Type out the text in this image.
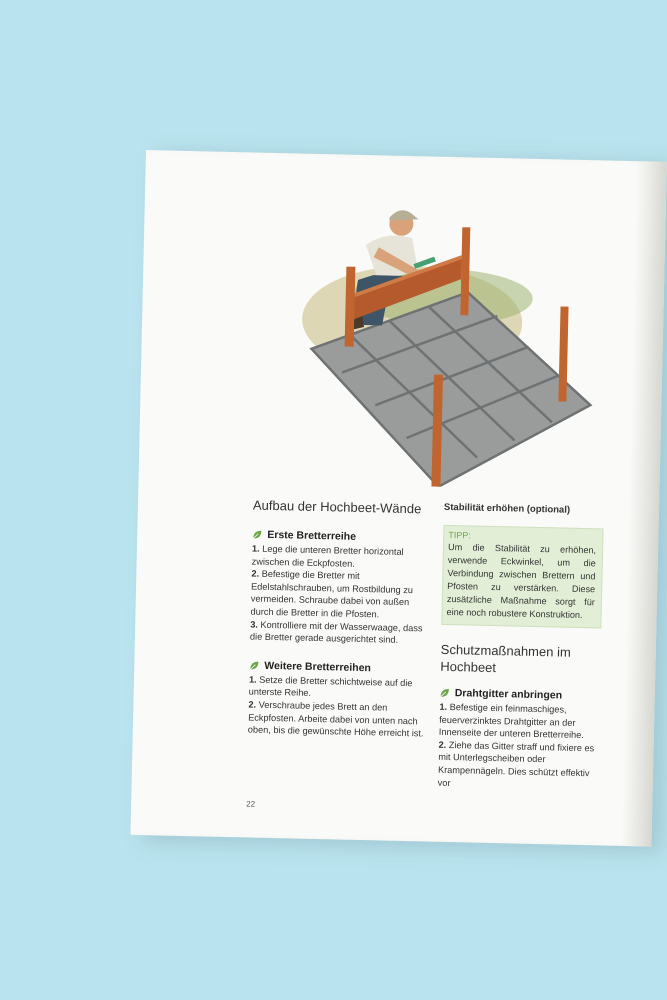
Aufbau der Hochbeet-Wände
Erste Bretterreihe

1. Lege die unteren Bretter horizontal zwischen die Eckpfosten.

2. Befestige die Bretter mit Edelstahlschrauben, um Rostbildung zu vermeiden. Schraube dabei von außen durch die Bretter in die Pfosten.

3. Kontrolliere mit der Wasserwaage, dass die Bretter gerade ausgerichtet sind.

Weitere Bretterreihen

1. Setze die Bretter schichtweise auf die unterste Reihe.

2. Verschraube jedes Brett an den Eckpfosten. Arbeite dabei von unten nach oben, bis die gewünschte Höhe erreicht ist.

22
Stabilität erhöhen (optional)

TIPP:

Um die Stabilität zu erhöhen, verwende Eckwinkel, um die Verbindung zwischen Brettern und Pfosten zu verstärken. Diese zusätzliche Maßnahme sorgt für eine noch robustere Konstruktion.

Schutzmaßnahmen im Hochbeet
Drahtgitter anbringen

1. Befestige ein feinmaschiges, feuerverzinktes Drahtgitter an der Innenseite der unteren Bretterreihe.

2. Ziehe das Gitter straff und fixiere es mit Unterlegscheiben oder Krampennägeln. Dies schützt effektiv vor
